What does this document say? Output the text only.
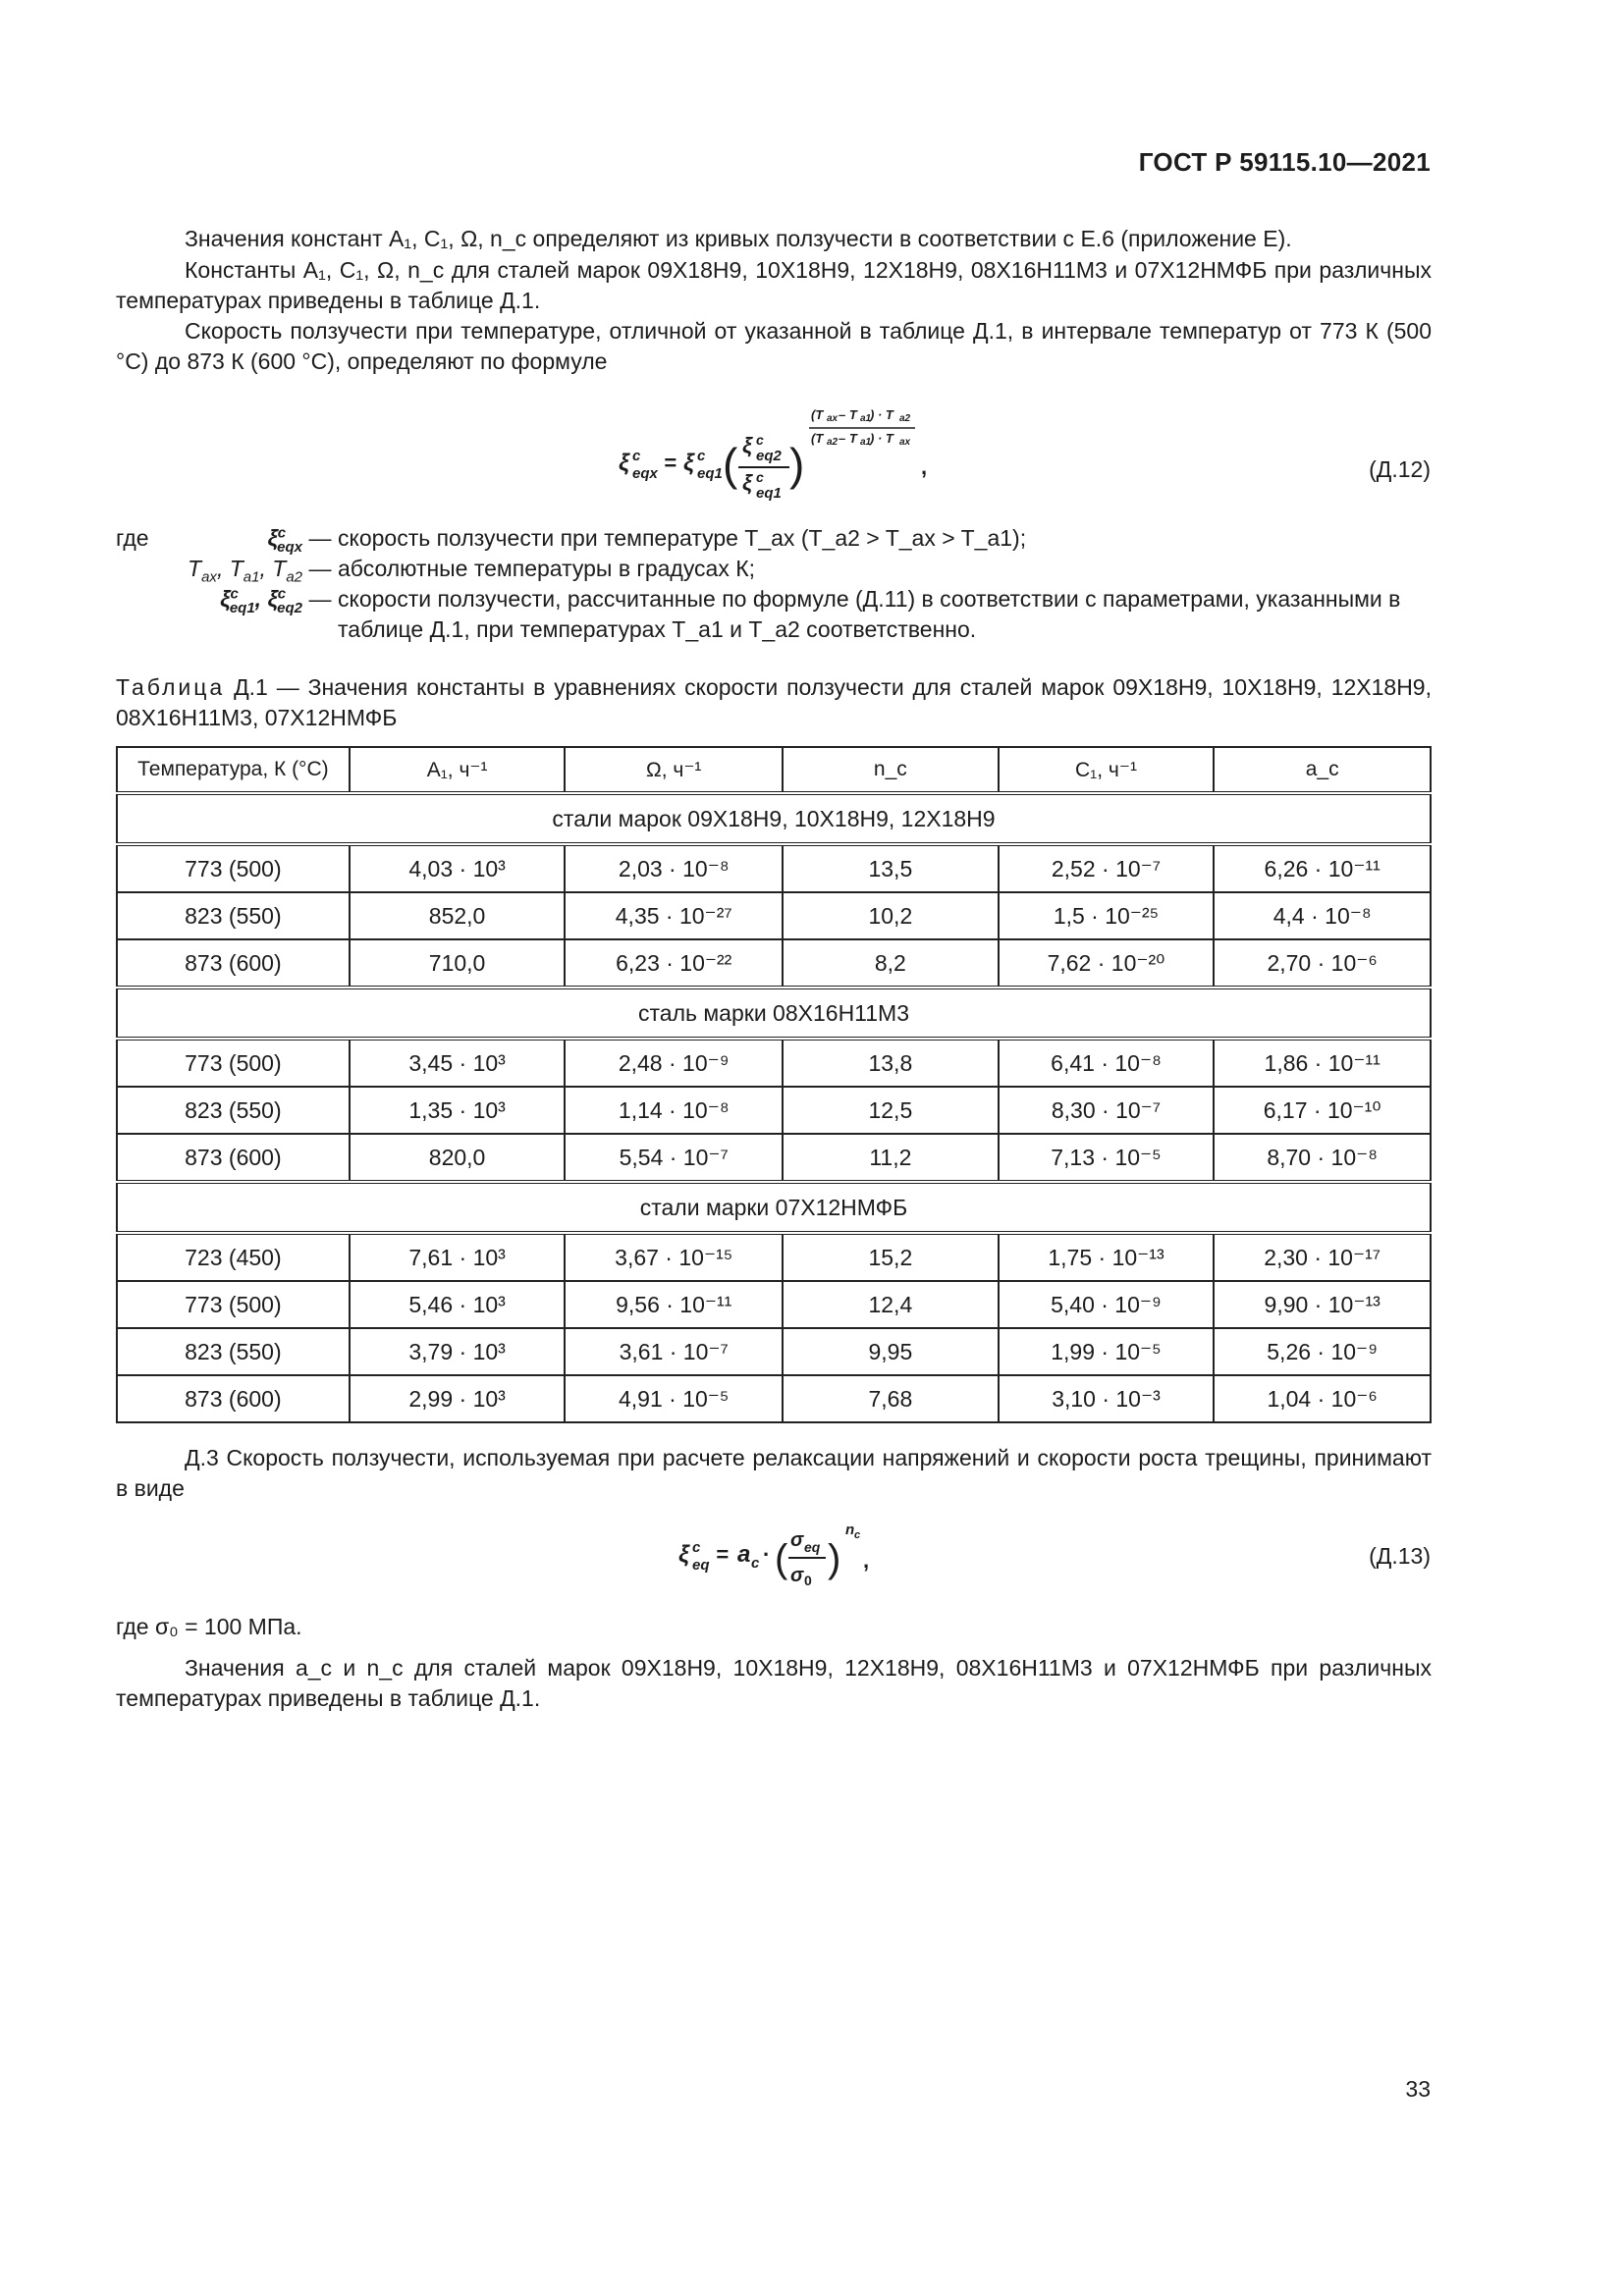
ГОСТ Р 59115.10—2021
Значения констант A₁, C₁, Ω, n_c определяют из кривых ползучести в соответствии с Е.6 (приложение Е).
Константы A₁, C₁, Ω, n_c для сталей марок 09Х18Н9, 10Х18Н9, 12Х18Н9, 08Х16Н11М3 и 07Х12НМФБ при различных температурах приведены в таблице Д.1.
Скорость ползучести при температуре, отличной от указанной в таблице Д.1, в интервале температур от 773 К (500 °С) до 873 К (600 °С), определяют по формуле
ξ c
eqx = ξ c
eq1 ( ξ c
eq2
ξ c
eq1
)
(T ax – T a1
) · T a2
(T a2 – T a1
) · T ax
,	(Д.12)
где	$\xi^c_{eqx}$ — скорость ползучести при температуре T_ax (T_a2 > T_ax > T_a1);
$T_{ax}$, $T_{a1}$, $T_{a2}$ — абсолютные температуры в градусах К;
$\xi^c_{eq1}$, $\xi^c_{eq2}$ — скорости ползучести, рассчитанные по формуле (Д.11) в соответствии с параметрами, указанными в таблице Д.1, при температурах T_a1 и T_a2 соответственно.
Таблица Д.1 — Значения константы в уравнениях скорости ползучести для сталей марок 09Х18Н9, 10Х18Н9, 12Х18Н9, 08Х16Н11М3, 07Х12НМФБ
Температура, К (°С)	A₁, ч⁻¹	Ω, ч⁻¹	n_c	C₁, ч⁻¹	a_c
стали марок 09Х18Н9, 10Х18Н9, 12Х18Н9					
773 (500)	4,03 · 10³	2,03 · 10⁻⁸	13,5	2,52 · 10⁻⁷	6,26 · 10⁻¹¹
823 (550)	852,0	4,35 · 10⁻²⁷	10,2	1,5 · 10⁻²⁵	4,4 · 10⁻⁸
873 (600)	710,0	6,23 · 10⁻²²	8,2	7,62 · 10⁻²⁰	2,70 · 10⁻⁶
сталь марки 08Х16Н11М3					
773 (500)	3,45 · 10³	2,48 · 10⁻⁹	13,8	6,41 · 10⁻⁸	1,86 · 10⁻¹¹
823 (550)	1,35 · 10³	1,14 · 10⁻⁸	12,5	8,30 · 10⁻⁷	6,17 · 10⁻¹⁰
873 (600)	820,0	5,54 · 10⁻⁷	11,2	7,13 · 10⁻⁵	8,70 · 10⁻⁸
стали марки 07Х12НМФБ					
723 (450)	7,61 · 10³	3,67 · 10⁻¹⁵	15,2	1,75 · 10⁻¹³	2,30 · 10⁻¹⁷
773 (500)	5,46 · 10³	9,56 · 10⁻¹¹	12,4	5,40 · 10⁻⁹	9,90 · 10⁻¹³
823 (550)	3,79 · 10³	3,61 · 10⁻⁷	9,95	1,99 · 10⁻⁵	5,26 · 10⁻⁹
873 (600)	2,99 · 10³	4,91 · 10⁻⁵	7,68	3,10 · 10⁻³	1,04 · 10⁻⁶
Д.3 Скорость ползучести, используемая при расчете релаксации напряжений и скорости роста трещины, принимают в виде
ξ c
eq = a c · ( σ eq
σ 0 )
n c
,	(Д.13)
где σ₀ = 100 МПа.
Значения a_c и n_c для сталей марок 09Х18Н9, 10Х18Н9, 12Х18Н9, 08Х16Н11М3 и 07Х12НМФБ при различных температурах приведены в таблице Д.1.
33
